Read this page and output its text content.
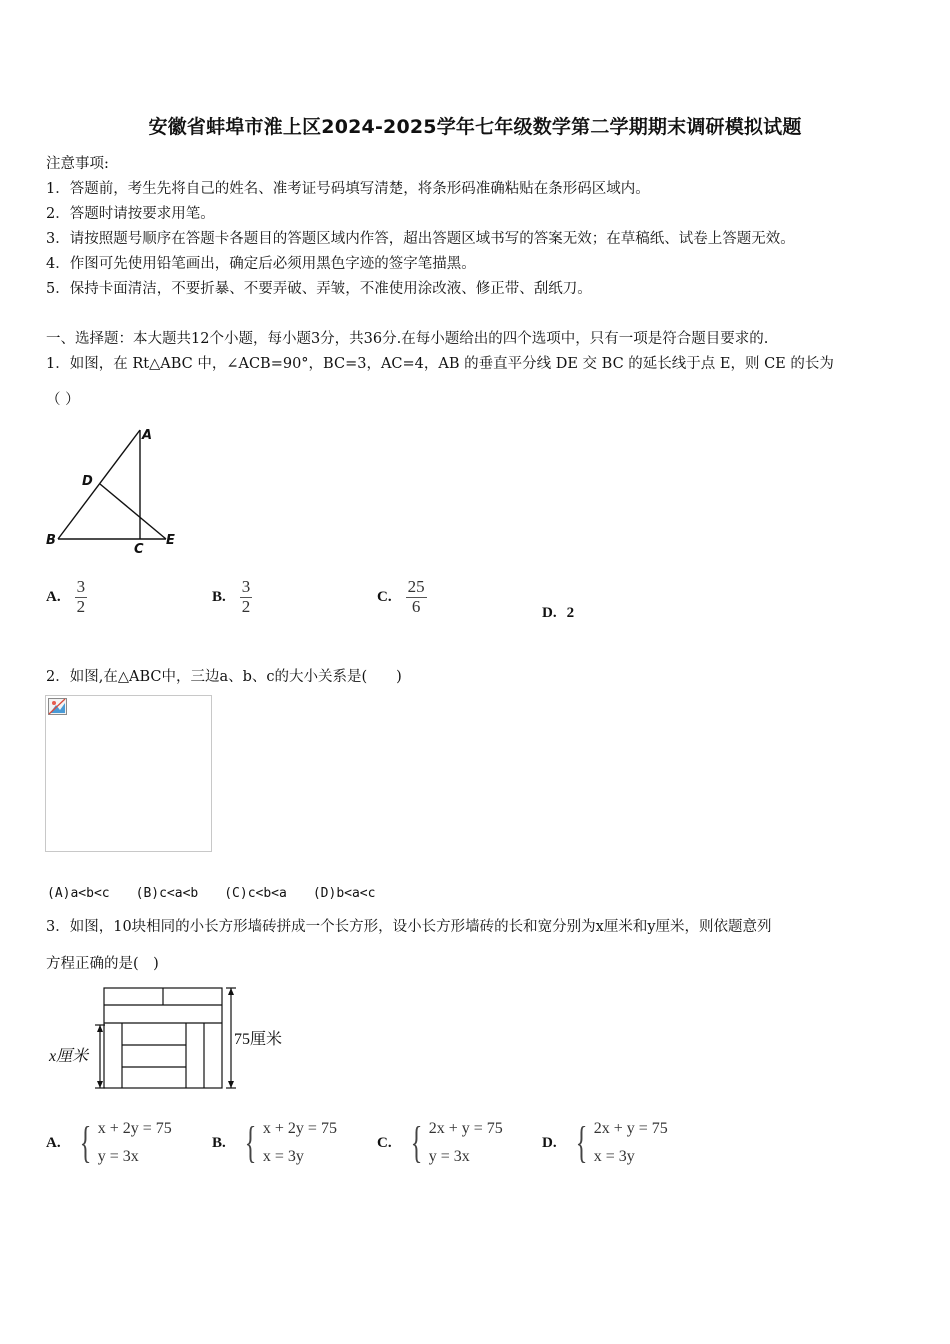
安徽省蚌埠市淮上区2024-2025学年七年级数学第二学期期末调研模拟试题
注意事项:
1．答题前，考生先将自己的姓名、准考证号码填写清楚，将条形码准确粘贴在条形码区域内。
2．答题时请按要求用笔。
3．请按照题号顺序在答题卡各题目的答题区域内作答，超出答题区域书写的答案无效；在草稿纸、试卷上答题无效。
4．作图可先使用铅笔画出，确定后必须用黑色字迹的签字笔描黑。
5．保持卡面清洁，不要折暴、不要弄破、弄皱，不准使用涂改液、修正带、刮纸刀。
一、选择题：本大题共12个小题，每小题3分，共36分.在每小题给出的四个选项中，只有一项是符合题目要求的.
1．如图，在 Rt△ABC 中，∠ACB=90°，BC=3，AC=4，AB 的垂直平分线 DE 交 BC 的延长线于点 E，则 CE 的长为
（ ）
A
D
B
C
E
A. $\frac{3}{2}$	B. $\frac{3}{2}$	C. $\frac{25}{6}$	D. 2
2．如图,在△ABC中，三边a、b、c的大小关系是(　　)
(A)a<b<c　　(B)c<a<b　　(C)c<b<a　　(D)b<a<c
3．如图，10块相同的小长方形墙砖拼成一个长方形，设小长方形墙砖的长和宽分别为x厘米和y厘米，则依题意列
方程正确的是(　)
75厘米
x厘米
A. { x + 2y = 75
y = 3x
B. { x + 2y = 75
x = 3y
C. { 2x + y = 75
y = 3x
D. { 2x + y = 75
x = 3y
